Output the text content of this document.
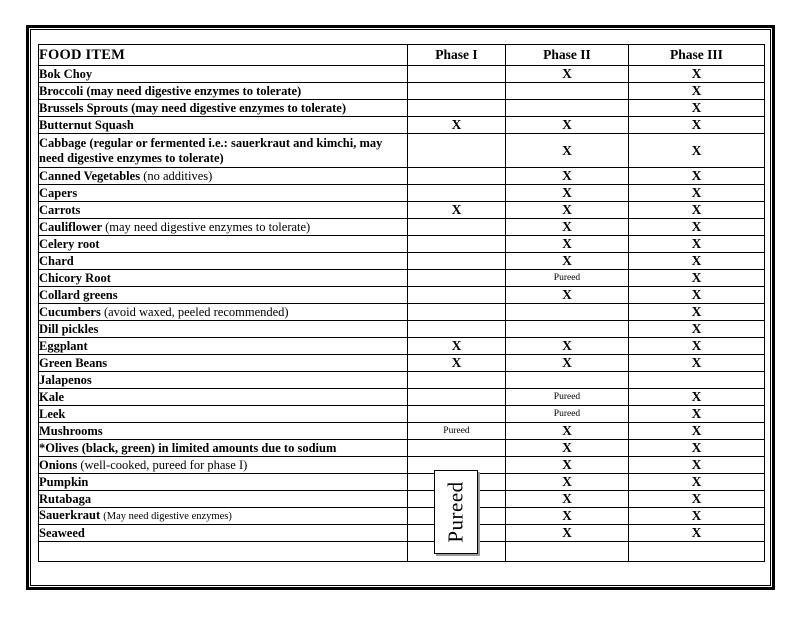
FOOD ITEM	Phase I	Phase II	Phase III
Bok Choy		X	X
Broccoli (may need digestive enzymes to tolerate)			X
Brussels Sprouts (may need digestive enzymes to tolerate)			X
Butternut Squash	X	X	X
Cabbage (regular or fermented i.e.: sauerkraut and kimchi, may need digestive enzymes to tolerate)		X	X
Canned Vegetables (no additives)		X	X
Capers		X	X
Carrots	X	X	X
Cauliflower (may need digestive enzymes to tolerate)		X	X
Celery root		X	X
Chard		X	X
Chicory Root		Pureed	X
Collard greens		X	X
Cucumbers (avoid waxed, peeled recommended)			X
Dill pickles			X
Eggplant	X	X	X
Green Beans	X	X	X
Jalapenos			
Kale		Pureed	X
Leek		Pureed	X
Mushrooms	Pureed	X	X
*Olives (black, green) in limited amounts due to sodium		X	X
Onions (well-cooked, pureed for phase I)		X	X
Pumpkin		X	X
Rutabaga		X	X
Sauerkraut (May need digestive enzymes)		X	X
Seaweed		X	X

Pureed
